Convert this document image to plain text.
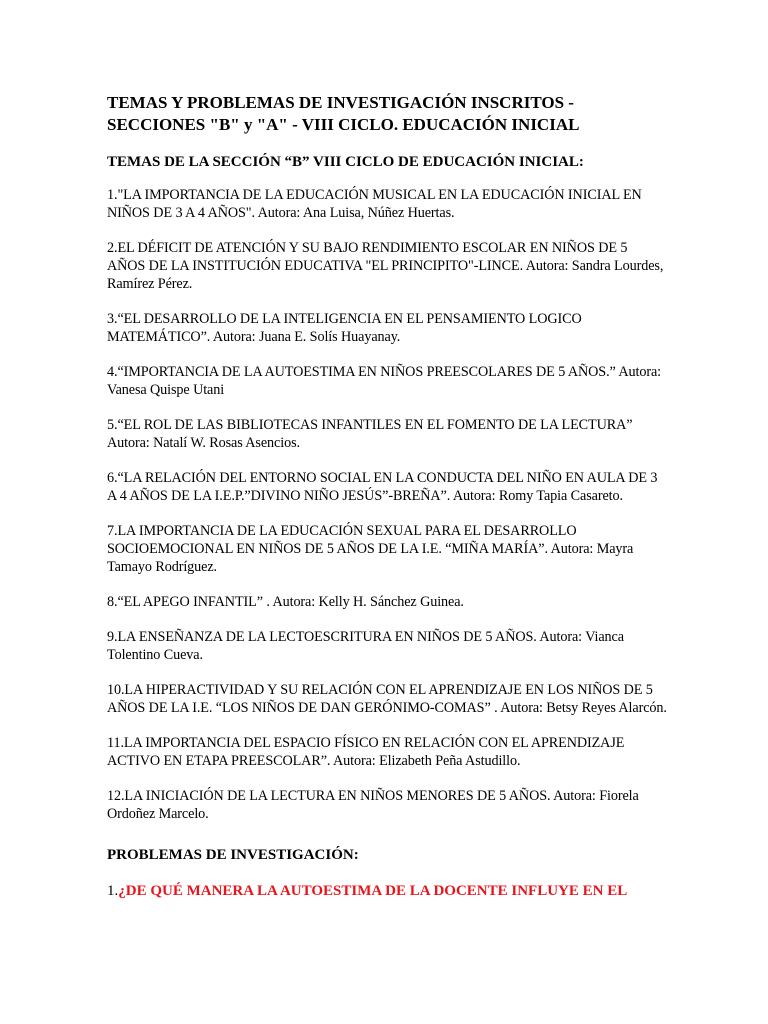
TEMAS Y PROBLEMAS DE INVESTIGACIÓN INSCRITOS -
SECCIONES "B" y "A" - VIII CICLO. EDUCACIÓN INICIAL
TEMAS DE LA SECCIÓN “B” VIII CICLO DE EDUCACIÓN INICIAL:
1."LA IMPORTANCIA DE LA EDUCACIÓN MUSICAL EN LA EDUCACIÓN INICIAL EN NIÑOS DE 3 A 4 AÑOS". Autora: Ana Luisa, Núñez Huertas.
2.EL DÉFICIT DE ATENCIÓN Y SU BAJO RENDIMIENTO ESCOLAR EN NIÑOS DE 5 AÑOS DE LA INSTITUCIÓN EDUCATIVA "EL PRINCIPITO"-LINCE. Autora: Sandra Lourdes, Ramírez Pérez.
3.“EL DESARROLLO DE LA INTELIGENCIA EN EL PENSAMIENTO LOGICO MATEMÁTICO”. Autora: Juana E. Solís Huayanay.
4.“IMPORTANCIA DE LA AUTOESTIMA EN NIÑOS PREESCOLARES DE 5 AÑOS.” Autora: Vanesa Quispe Utani
5.“EL ROL DE LAS BIBLIOTECAS INFANTILES EN EL FOMENTO DE LA LECTURA” Autora: Natalí W. Rosas Asencios.
6.“LA RELACIÓN DEL ENTORNO SOCIAL EN LA CONDUCTA DEL NIÑO EN AULA DE 3 A 4 AÑOS DE LA I.E.P.”DIVINO NIÑO JESÚS”-BREÑA”. Autora: Romy Tapia Casareto.
7.LA IMPORTANCIA DE LA EDUCACIÓN SEXUAL PARA EL DESARROLLO SOCIOEMOCIONAL EN NIÑOS DE 5 AÑOS DE LA I.E. “MIÑA MARÍA”. Autora: Mayra Tamayo Rodríguez.
8.“EL APEGO INFANTIL” . Autora: Kelly H. Sánchez Guinea.
9.LA ENSEÑANZA DE LA LECTOESCRITURA EN NIÑOS DE 5 AÑOS. Autora: Vianca Tolentino Cueva.
10.LA HIPERACTIVIDAD Y SU RELACIÓN CON EL APRENDIZAJE EN LOS NIÑOS DE 5 AÑOS DE LA I.E. “LOS NIÑOS DE DAN GERÓNIMO-COMAS” . Autora: Betsy Reyes Alarcón.
11.LA IMPORTANCIA DEL ESPACIO FÍSICO EN RELACIÓN CON EL APRENDIZAJE ACTIVO EN ETAPA PREESCOLAR”. Autora: Elizabeth Peña Astudillo.
12.LA INICIACIÓN DE LA LECTURA EN NIÑOS MENORES DE 5 AÑOS. Autora: Fiorela Ordoñez Marcelo.
PROBLEMAS DE INVESTIGACIÓN:
1.¿DE QUÉ MANERA LA AUTOESTIMA DE LA DOCENTE INFLUYE EN EL
